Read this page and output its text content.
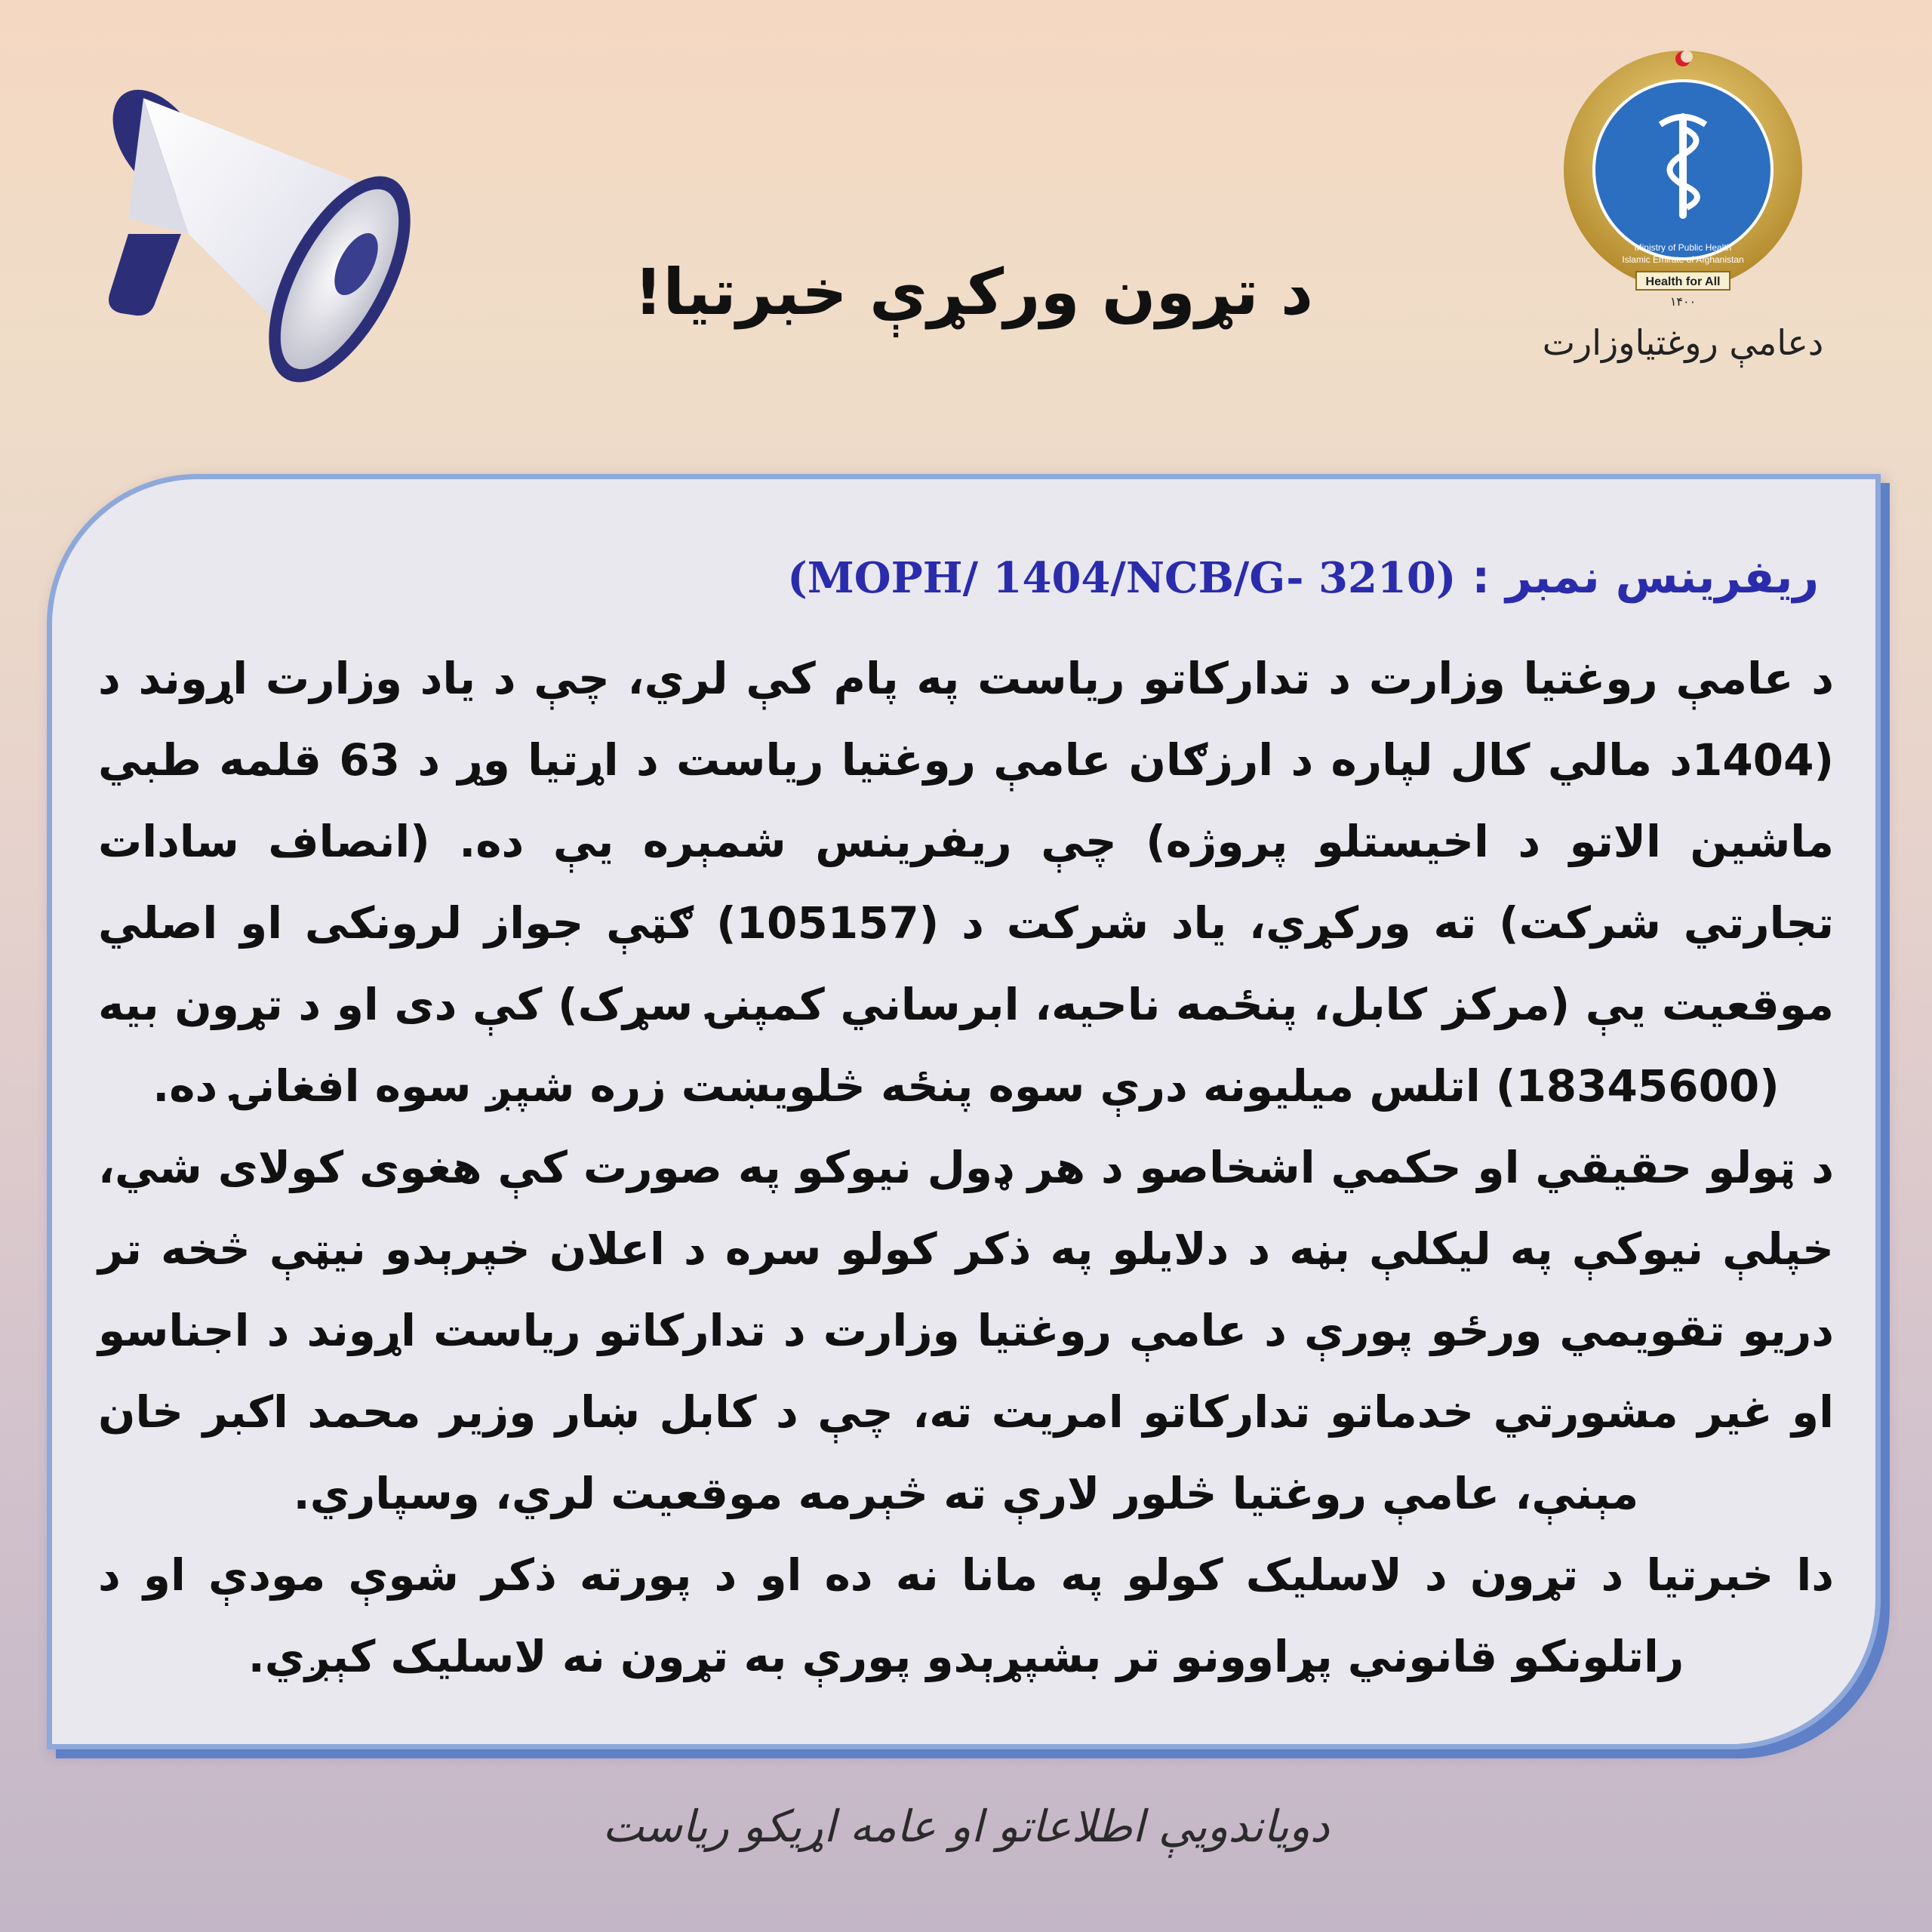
Ministry of Public Health
Islamic Emirate of Afghanistan
Health for All
۱۴۰۰
دعامې روغتیاوزارت
د تړون ورکړې خبرتیا!
ریفرینس نمبر : (MOPH/ 1404/NCB/G- 3210)

د عامې روغتیا وزارت د تدارکاتو ریاست په پام کې لري، چې د یاد وزارت اړوند د (1404د مالي کال لپاره د ارزګان عامې روغتیا ریاست د اړتیا وړ د 63 قلمه طبي ماشین الاتو د اخیستلو پروژه) چې ریفرینس شمېره یې ده. (انصاف سادات تجارتي شرکت) ته ورکړي، یاد شرکت د (105157) ګټې جواز لرونکی او اصلي موقعیت یې (مرکز کابل، پنځمه ناحیه، ابرساني کمپنۍ سړک) کې دی او د تړون بیه (18345600) اتلس میلیونه درې سوه پنځه څلویښت زره شپږ سوه افغانۍ ده.

د ټولو حقیقي او حکمي اشخاصو د هر ډول نیوکو په صورت کې هغوی کولای شي، خپلې نیوکې په لیکلې بڼه د دلایلو په ذکر کولو سره د اعلان خپرېدو نیټې څخه تر دریو تقویمي ورځو پورې د عامې روغتیا وزارت د تدارکاتو ریاست اړوند د اجناسو او غیر مشورتي خدماتو تدارکاتو امریت ته، چې د کابل ښار وزیر محمد اکبر خان مېنې، عامې روغتیا څلور لارې ته څېرمه موقعیت لري، وسپاري.

دا خبرتیا د تړون د لاسلیک کولو په مانا نه ده او د پورته ذکر شوې مودې او د راتلونکو قانوني پړاوونو تر بشپړېدو پورې به تړون نه لاسلیک کېږي.

دویاندویې اطلاعاتو او عامه اړیکو ریاست
